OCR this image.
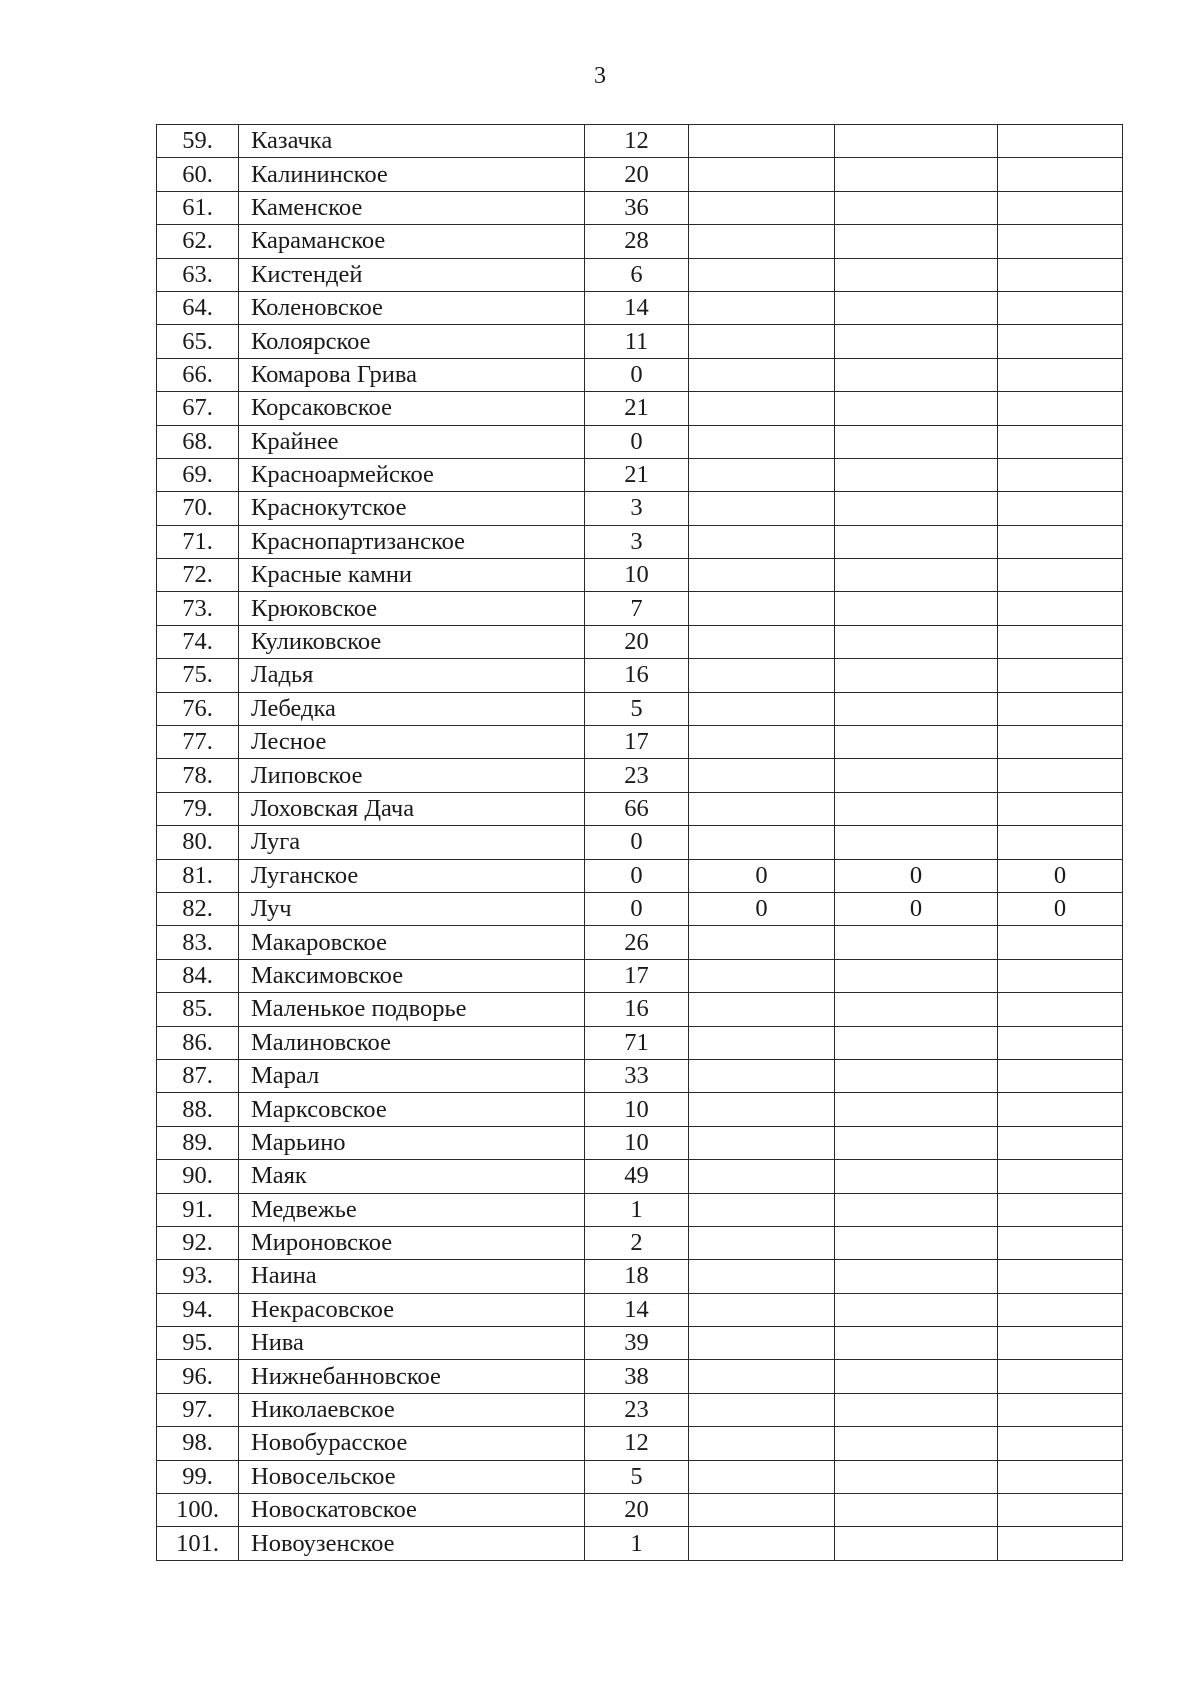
3
59.	Казачка	12			
60.	Калининское	20			
61.	Каменское	36			
62.	Караманское	28			
63.	Кистендей	6			
64.	Коленовское	14			
65.	Колоярское	11			
66.	Комарова Грива	0			
67.	Корсаковское	21			
68.	Крайнее	0			
69.	Красноармейское	21			
70.	Краснокутское	3			
71.	Краснопартизанское	3			
72.	Красные камни	10			
73.	Крюковское	7			
74.	Куликовское	20			
75.	Ладья	16			
76.	Лебедка	5			
77.	Лесное	17			
78.	Липовское	23			
79.	Лоховская Дача	66			
80.	Луга	0			
81.	Луганское	0	0	0	0
82.	Луч	0	0	0	0
83.	Макаровское	26			
84.	Максимовское	17			
85.	Маленькое подворье	16			
86.	Малиновское	71			
87.	Марал	33			
88.	Марксовское	10			
89.	Марьино	10			
90.	Маяк	49			
91.	Медвежье	1			
92.	Мироновское	2			
93.	Наина	18			
94.	Некрасовское	14			
95.	Нива	39			
96.	Нижнебанновское	38			
97.	Николаевское	23			
98.	Новобурасское	12			
99.	Новосельское	5			
100.	Новоскатовское	20			
101.	Новоузенское	1			
